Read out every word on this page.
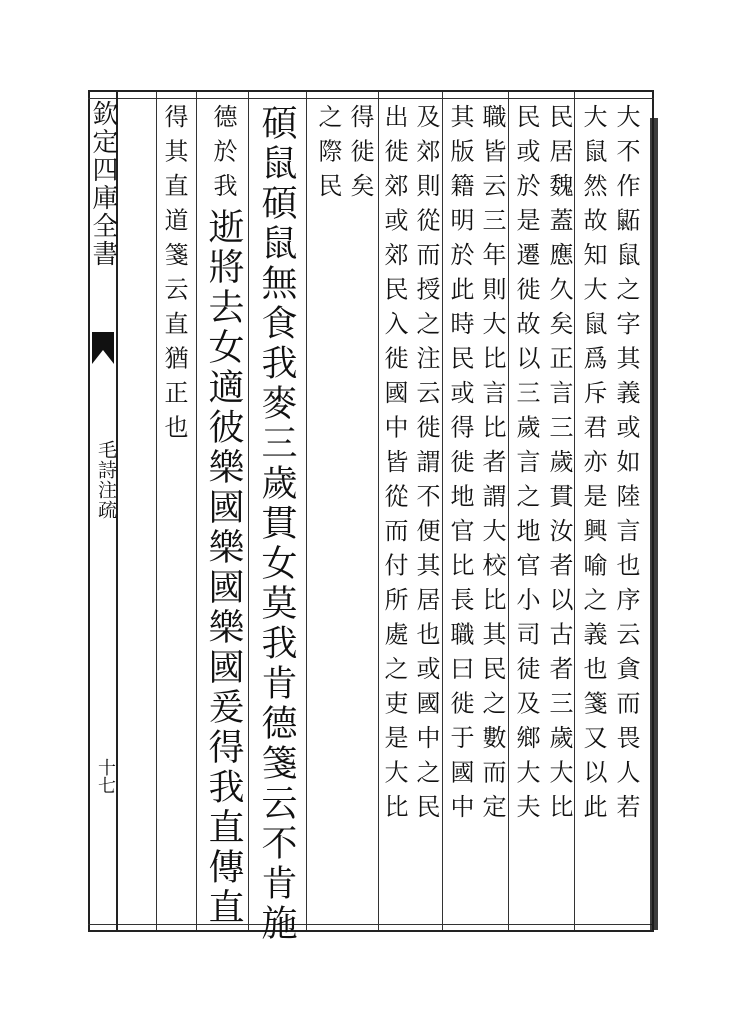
欽定四庫全書
毛詩注疏
十七	大不作鼫鼠之字其義或如陸言也序云貪而畏人若
大鼠然故知大鼠爲斥君亦是興喻之義也箋又以此
民居魏蓋應久矣正言三歲貫汝者以古者三歲大比
民或於是遷徙故以三歲言之地官小司徒及鄉大夫
職皆云三年則大比言比者謂大校比其民之數而定
其版籍明於此時民或得徙地官比長職曰徙于國中
及郊則從而授之注云徙謂不便其居也或國中之民
出徙郊或郊民入徙國中皆從而付所處之吏是大比
得徙矣
之際民
碩鼠碩鼠無食我麥三歲貫女莫我肯德箋云不肯施
德於我
逝將去女適彼樂國樂國樂國爰得我直傳直
得其直道箋云直猶正也
